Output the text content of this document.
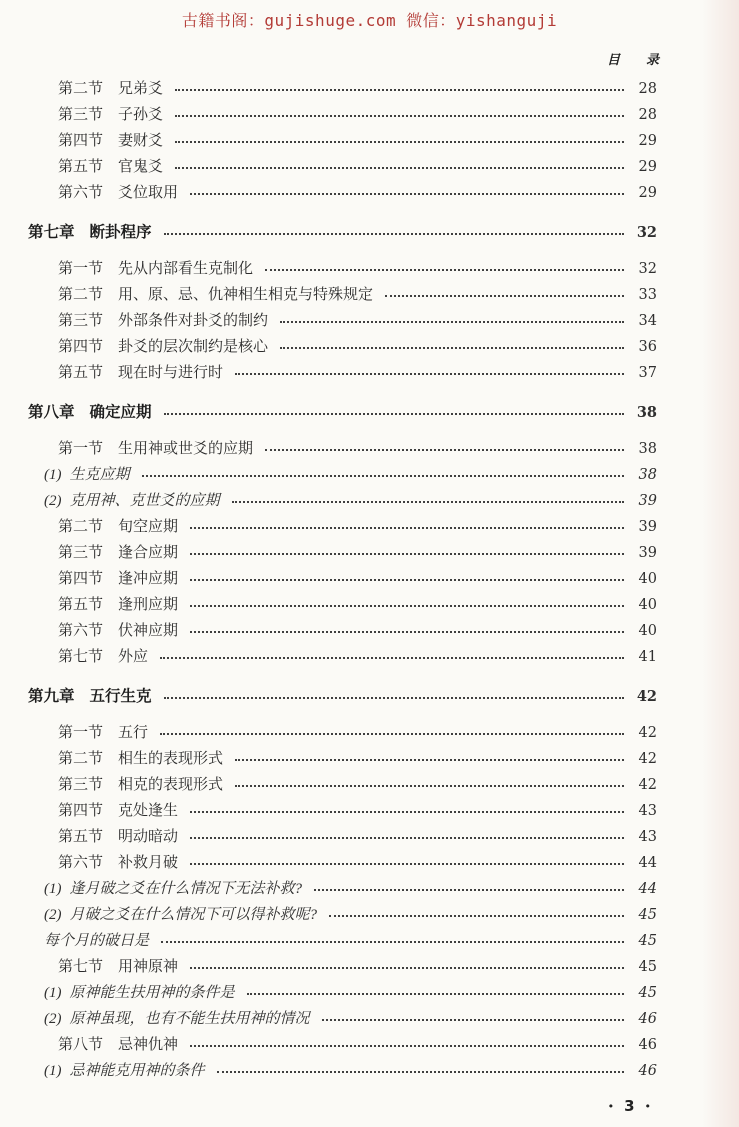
古籍书阁：gujishuge.com 微信：yishanguji
目　　录
第二节 兄弟爻	28
第三节 子孙爻	28
第四节 妻财爻	29
第五节 官鬼爻	29
第六节 爻位取用	29
第七章 断卦程序	32
第一节 先从内部看生克制化	32
第二节 用、原、忌、仇神相生相克与特殊规定	33
第三节 外部条件对卦爻的制约	34
第四节 卦爻的层次制约是核心	36
第五节 现在时与进行时	37
第八章 确定应期	38
第一节 生用神或世爻的应期	38
(1) 生克应期	38
(2) 克用神、克世爻的应期	39
第二节 旬空应期	39
第三节 逢合应期	39
第四节 逢冲应期	40
第五节 逢刑应期	40
第六节 伏神应期	40
第七节 外应	41
第九章 五行生克	42
第一节 五行	42
第二节 相生的表现形式	42
第三节 相克的表现形式	42
第四节 克处逢生	43
第五节 明动暗动	43
第六节 补救月破	44
(1) 逢月破之爻在什么情况下无法补救?	44
(2) 月破之爻在什么情况下可以得补救呢?	45
每个月的破日是	45
第七节 用神原神	45
(1) 原神能生扶用神的条件是	45
(2) 原神虽现，也有不能生扶用神的情况	46
第八节 忌神仇神	46
(1) 忌神能克用神的条件	46
• 3 •
